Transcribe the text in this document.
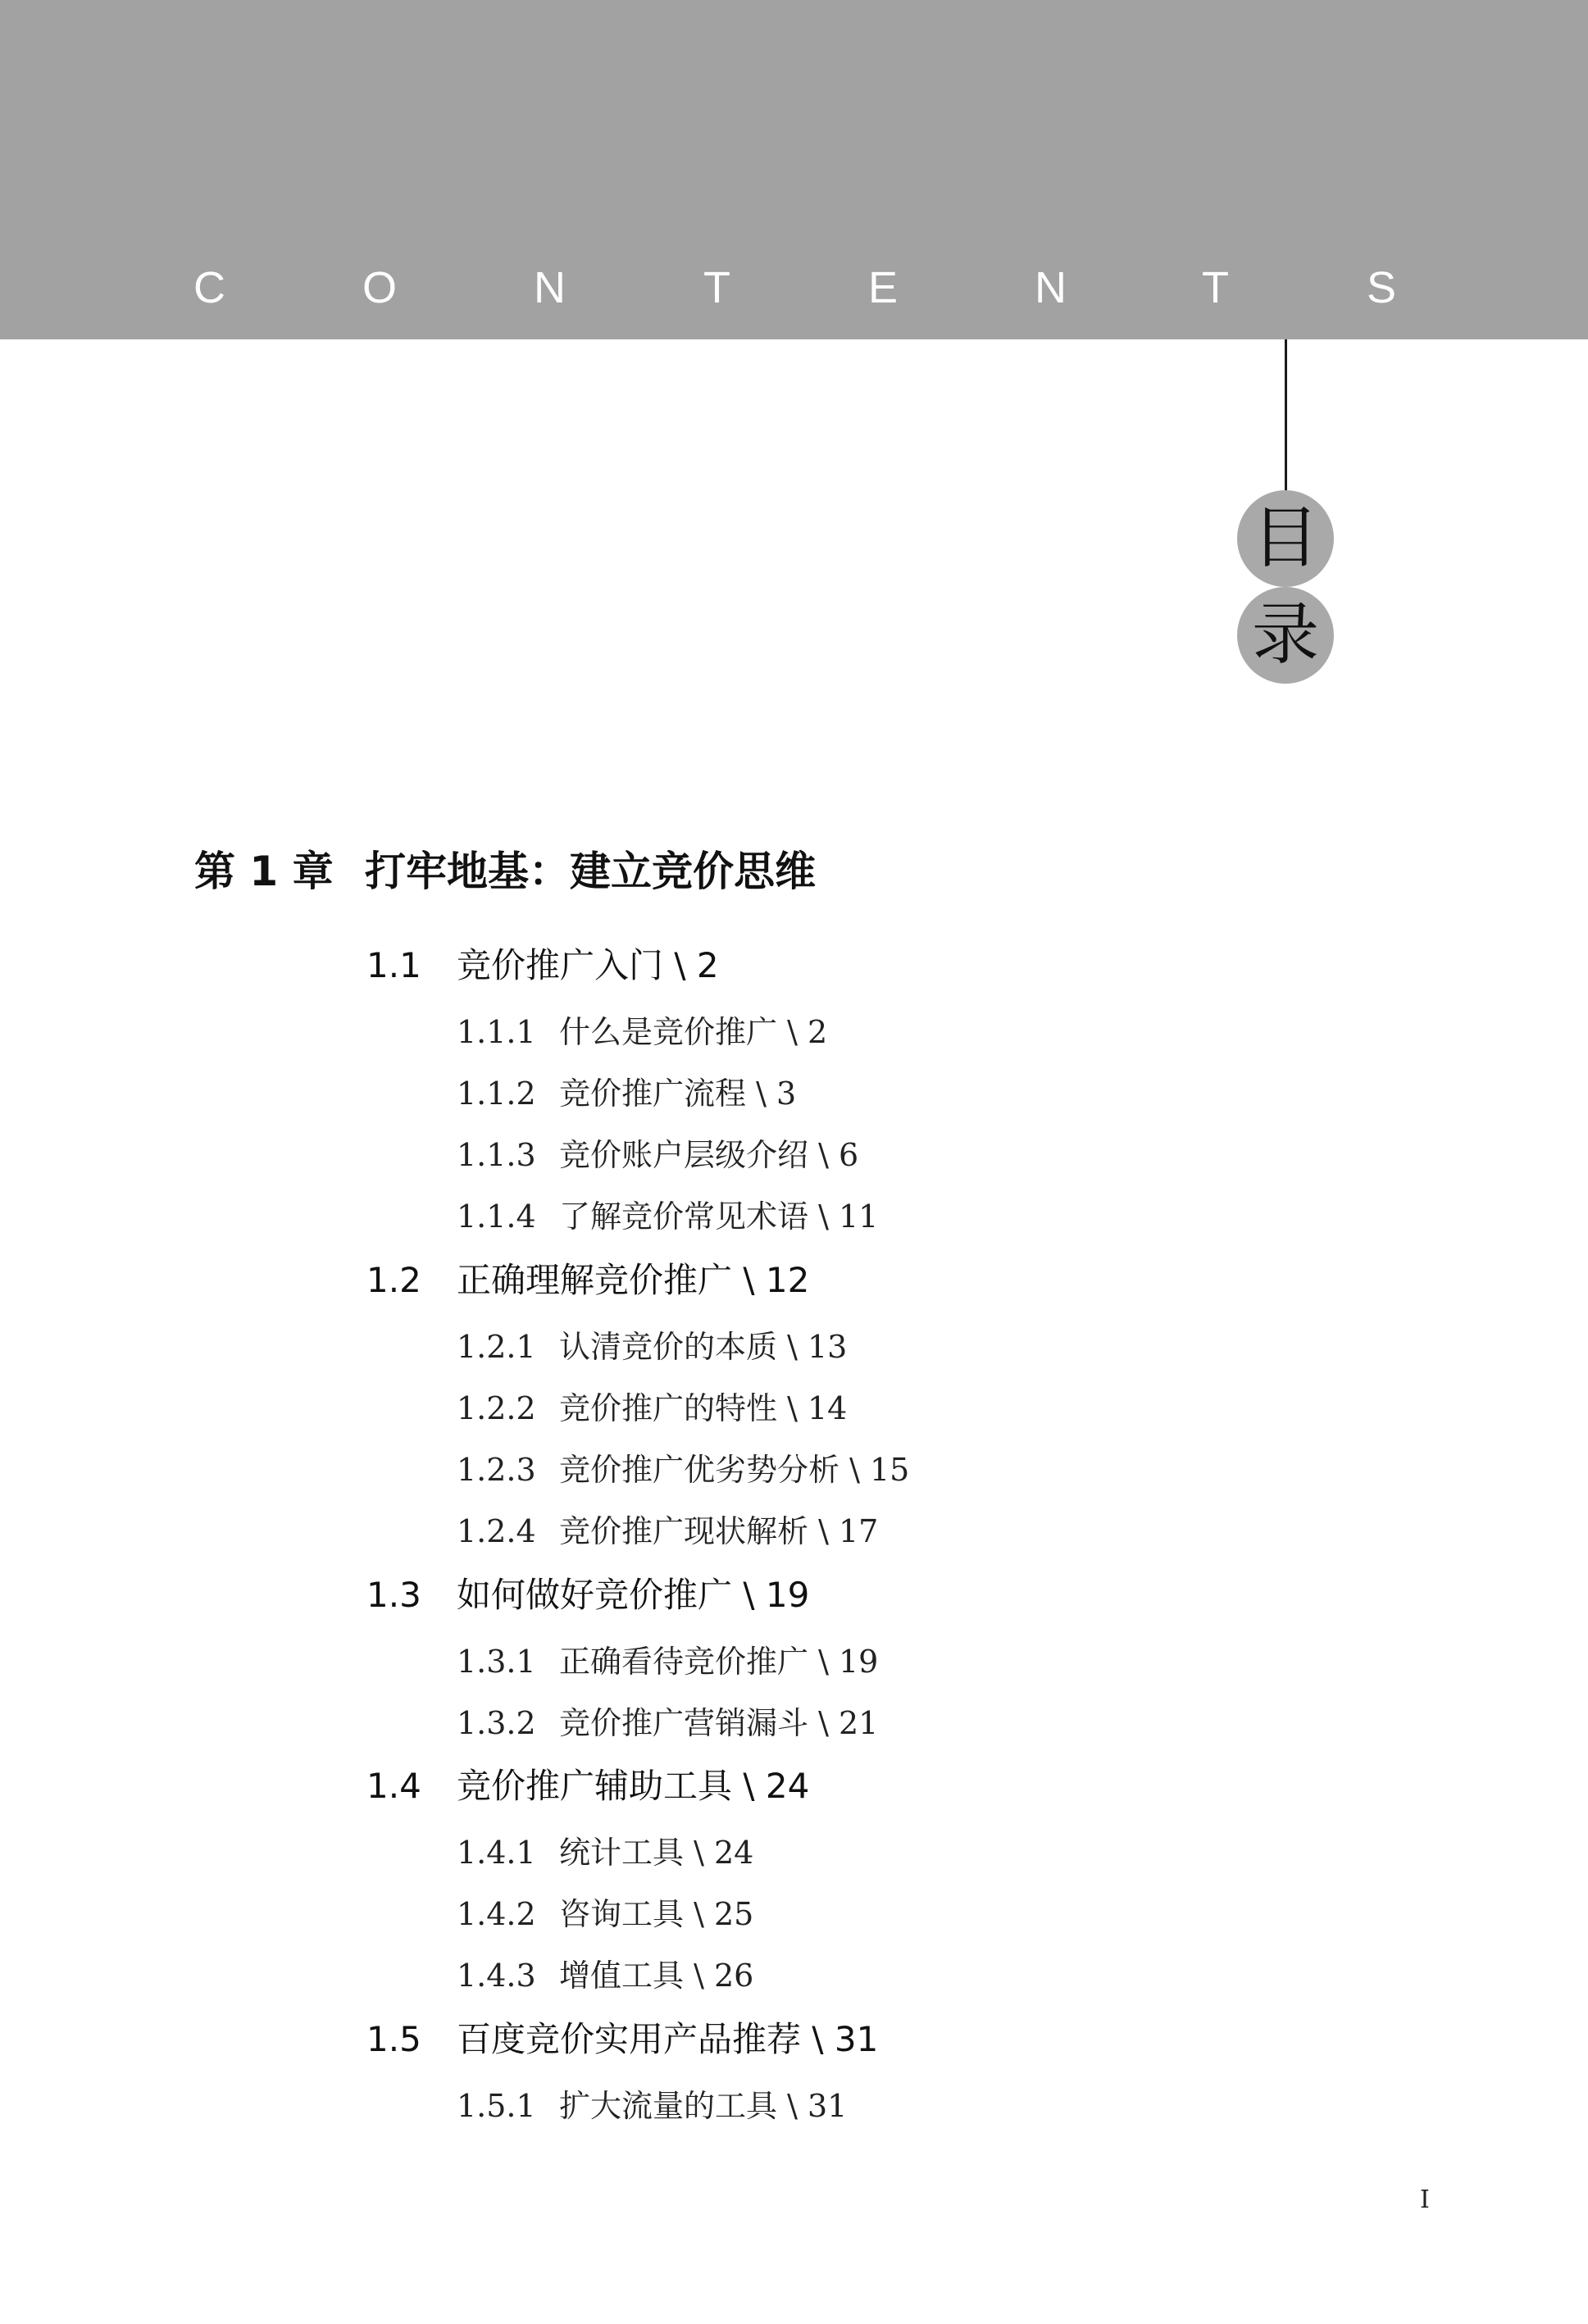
C	O	N	T	E	N	T	S
目
录
第 1 章 打牢地基：建立竞价思维
1.1 竞价推广入门 \ 2
1.1.1 什么是竞价推广 \ 2
1.1.2 竞价推广流程 \ 3
1.1.3 竞价账户层级介绍 \ 6
1.1.4 了解竞价常见术语 \ 11
1.2 正确理解竞价推广 \ 12
1.2.1 认清竞价的本质 \ 13
1.2.2 竞价推广的特性 \ 14
1.2.3 竞价推广优劣势分析 \ 15
1.2.4 竞价推广现状解析 \ 17
1.3 如何做好竞价推广 \ 19
1.3.1 正确看待竞价推广 \ 19
1.3.2 竞价推广营销漏斗 \ 21
1.4 竞价推广辅助工具 \ 24
1.4.1 统计工具 \ 24
1.4.2 咨询工具 \ 25
1.4.3 增值工具 \ 26
1.5 百度竞价实用产品推荐 \ 31
1.5.1 扩大流量的工具 \ 31
I
